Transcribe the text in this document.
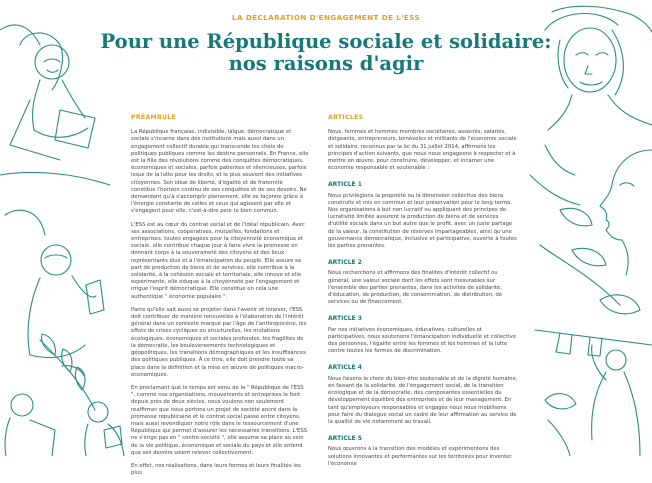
LA DÉCLARATION D'ENGAGEMENT DE L'ESS
Pour une République sociale et solidaire:
nos raisons d'agir
PRÉAMBULE

La République française, indivisible, laïque, démocratique et sociale s'incarne dans des institutions mais aussi dans un engagement collectif durable qui transcende les choix de politiques publiques comme les destins personnels. En France, elle est la fille des révolutions comme des conquêtes démocratiques, économiques et sociales, parfois patientes et silencieuses, parfois issue de la lutte pour les droits, et le plus souvent des initiatives citoyennes. Son idéal de liberté, d'égalité et de fraternité constitue l'horizon continu de ses conquêtes et de ses devoirs. Ne demandant qu'à s'accomplir pleinement, elle se façonne grâce à l'énergie constante de celles et ceux qui agissent par elle et s'engagent pour elle, c'est-à-dire pour le bien commun.

L'ESS est au cœur du contrat social et de l'idéal républicain. Avec ses associations, coopératives, mutuelles, fondations et entreprises, toutes engagées pour la citoyenneté économique et sociale, elle contribue chaque jour à faire vivre la promesse en donnant corps à la souveraineté des citoyens et des lieux représentants élus et à l'émancipation du peuple. Elle assure sa part de production de biens et de services, elle contribue à la solidarité, à la cohésion sociale et territoriale, elle innove et elle expérimente, elle éduque à la citoyenneté par l'engagement et irrigue l'esprit démocratique. Elle constitue en cela une authentique " économie populaire ".

Parce qu'elle sait aussi se projeter dans l'avenir et innover, l'ESS doit contribuer de manière renouvelée à l'élaboration de l'intérêt général dans un contexte marqué par l'âge de l'anthropocène, les effets de crises cycliques ou structurelles, les mutations écologiques, économiques et sociales profondes, les fragilités de la démocratie, les bouleversements technologiques et géopolitiques, les transitions démographiques et les insuffisances des politiques publiques. À ce titre, elle doit prendre toute sa place dans la définition et la mise en œuvre de politiques macro-économiques.

En proclamant que le temps est venu de la " République de l'ESS ", comme nos organisations, mouvements et entreprises le font depuis près de deux siècles, nous voulons non seulement réaffirmer que nous portons un projet de société ancré dans la promesse républicaine et le contrat social passé entre citoyens, mais aussi revendiquer notre rôle dans le ressourcement d'une République qui permet d'assurer les nécessaires transitions. L'ESS ne s'érige pas en " contre-société ", elle assume sa place au sein de la vie politique, économique et sociale du pays et elle entend que ses devoirs soient relever collectivement.

En effet, nos réalisations, dans leurs formes et leurs finalités les plus

ARTICLES

Nous, femmes et hommes membres sociétaires, associés, salariés, dirigeants, entrepreneurs, bénévoles et militants de l'économie sociale et solidaire, reconnus par la loi du 31 juillet 2014, affirmons les principes d'action suivants, que nous nous engageons à respecter et à mettre en œuvre, pour construire, développer, et incarner une économie responsable et soutenable :

ARTICLE 1

Nous privilégions la propriété ou la dimension collective des biens construits et mis en commun et leur préservation pour le long terme. Nos organisations à but non lucratif ou appliquant des principes de lucrativité limitée assurent la production de biens et de services d'utilité sociale dans un but autre que le profit, avec un juste partage de la valeur, la constitution de réserves impartageables, ainsi qu'une gouvernance démocratique, inclusive et participative, ouverte à toutes les parties prenantes.

ARTICLE 2

Nous recherchons et affirmons des finalités d'intérêt collectif ou général, une valeur sociale dont les effets sont mesurables sur l'ensemble des parties prenantes, dans les activités de solidarité, d'éducation, de production, de consommation, de distribution, de services ou de financement.

ARTICLE 3

Par nos initiatives économiques, éducatives, culturelles et participatives, nous soutenons l'émancipation individuelle et collective des personnes, l'égalité entre les femmes et les hommes et la lutte contre toutes les formes de discrimination.

ARTICLE 4

Nous faisons le choix du bien-être soutenable et de la dignité humaine, en faisant de la solidarité, de l'engagement social, de la transition écologique et de la démocratie, des composantes essentielles du développement équilibré des entreprises et de leur management. En tant qu'employeurs responsables et engagés nous nous mobilisons pour faire du dialogue social un cadre de leur affirmation au service de la qualité de vie notamment au travail.

ARTICLE 5

Nous œuvrons à la transition des modèles et expérimentons des solutions innovantes et performantes sur les territoires pour inventer l'économie
